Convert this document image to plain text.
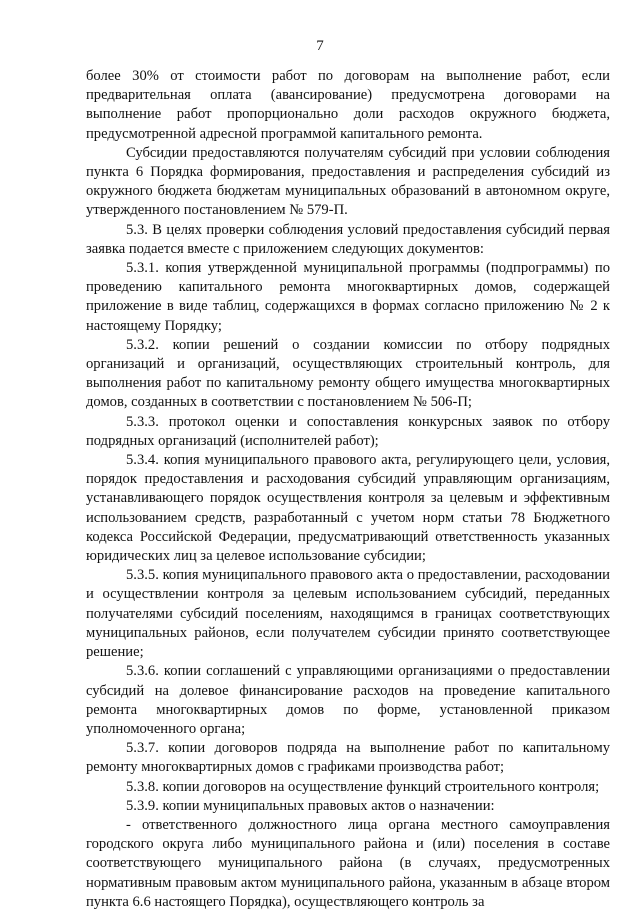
7

более 30% от стоимости работ по договорам на выполнение работ, если предварительная оплата (авансирование) предусмотрена договорами на выполнение работ пропорционально доли расходов окружного бюджета, предусмотренной адресной программой капитального ремонта.

Субсидии предоставляются получателям субсидий при условии соблюдения пункта 6 Порядка формирования, предоставления и распределения субсидий из окружного бюджета бюджетам муниципальных образований в автономном округе, утвержденного постановлением № 579-П.

5.3. В целях проверки соблюдения условий предоставления субсидий первая заявка подается вместе с приложением следующих документов:

5.3.1. копия утвержденной муниципальной программы (подпрограммы) по проведению капитального ремонта многоквартирных домов, содержащей приложение в виде таблиц, содержащихся в формах согласно приложению № 2 к настоящему Порядку;

5.3.2. копии решений о создании комиссии по отбору подрядных организаций и организаций, осуществляющих строительный контроль, для выполнения работ по капитальному ремонту общего имущества многоквартирных домов, созданных в соответствии с постановлением № 506-П;

5.3.3. протокол оценки и сопоставления конкурсных заявок по отбору подрядных организаций (исполнителей работ);

5.3.4. копия муниципального правового акта, регулирующего цели, условия, порядок предоставления и расходования субсидий управляющим организациям, устанавливающего порядок осуществления контроля за целевым и эффективным использованием средств, разработанный с учетом норм статьи 78 Бюджетного кодекса Российской Федерации, предусматривающий ответственность указанных юридических лиц за целевое использование субсидии;

5.3.5. копия муниципального правового акта о предоставлении, расходовании и осуществлении контроля за целевым использованием субсидий, переданных получателями субсидий поселениям, находящимся в границах соответствующих муниципальных районов, если получателем субсидии принято соответствующее решение;

5.3.6. копии соглашений с управляющими организациями о предоставлении субсидий на долевое финансирование расходов на проведение капитального ремонта многоквартирных домов по форме, установленной приказом уполномоченного органа;

5.3.7. копии договоров подряда на выполнение работ по капитальному ремонту многоквартирных домов с графиками производства работ;

5.3.8. копии договоров на осуществление функций строительного контроля;

5.3.9. копии муниципальных правовых актов о назначении:

- ответственного должностного лица органа местного самоуправления городского округа либо муниципального района и (или) поселения в составе соответствующего муниципального района (в случаях, предусмотренных нормативным правовым актом муниципального района, указанным в абзаце втором пункта 6.6 настоящего Порядка), осуществляющего контроль за
